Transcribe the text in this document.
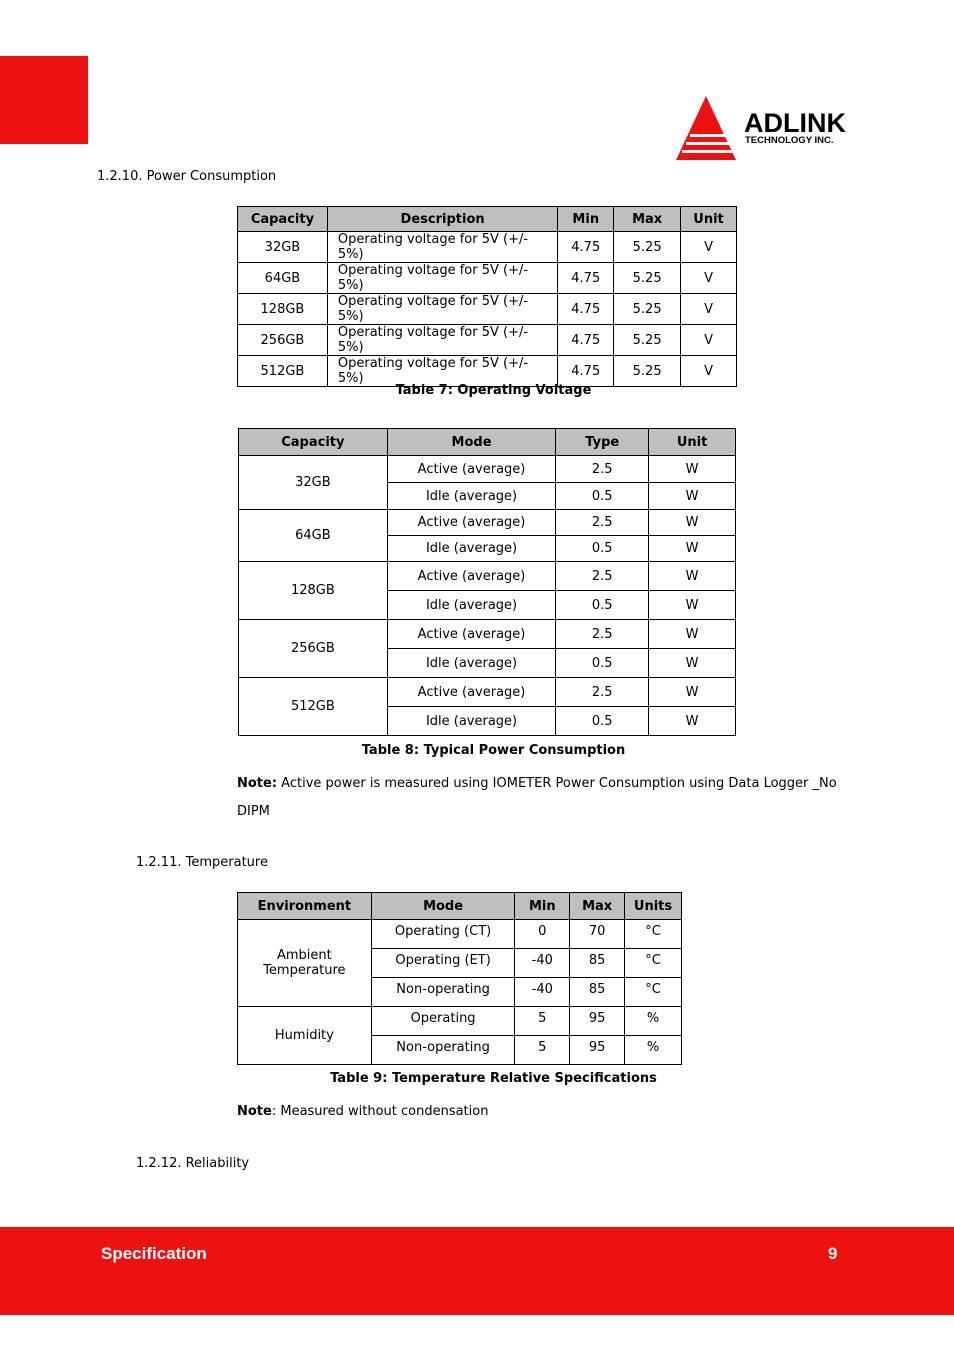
ADLINK
TECHNOLOGY INC.
1.2.10. Power Consumption
Capacity	Description	Min	Max	Unit
32GB	Operating voltage for 5V (+/- 5%)	4.75	5.25	V
64GB	Operating voltage for 5V (+/- 5%)	4.75	5.25	V
128GB	Operating voltage for 5V (+/- 5%)	4.75	5.25	V
256GB	Operating voltage for 5V (+/- 5%)	4.75	5.25	V
512GB	Operating voltage for 5V (+/- 5%)	4.75	5.25	V
Table 7: Operating Voltage
Capacity	Mode	Type	Unit
32GB	Active (average)	2.5	W
	Idle (average)	0.5	W
64GB	Active (average)	2.5	W
	Idle (average)	0.5	W
128GB	Active (average)	2.5	W
	Idle (average)	0.5	W
256GB	Active (average)	2.5	W
	Idle (average)	0.5	W
512GB	Active (average)	2.5	W
	Idle (average)	0.5	W
Table 8: Typical Power Consumption
Note: Active power is measured using IOMETER Power Consumption using Data Logger _No
DIPM
1.2.11. Temperature
Environment	Mode	Min	Max	Units

Ambient
Temperature	Operating (CT)	0	70	°C
	Operating (ET)	-40	85	°C
	Non-operating	-40	85	°C

Humidity	Operating	5	95	%
	Non-operating	5	95	%
Table 9: Temperature Relative Specifications
Note: Measured without condensation
1.2.12. Reliability
Specification	9
